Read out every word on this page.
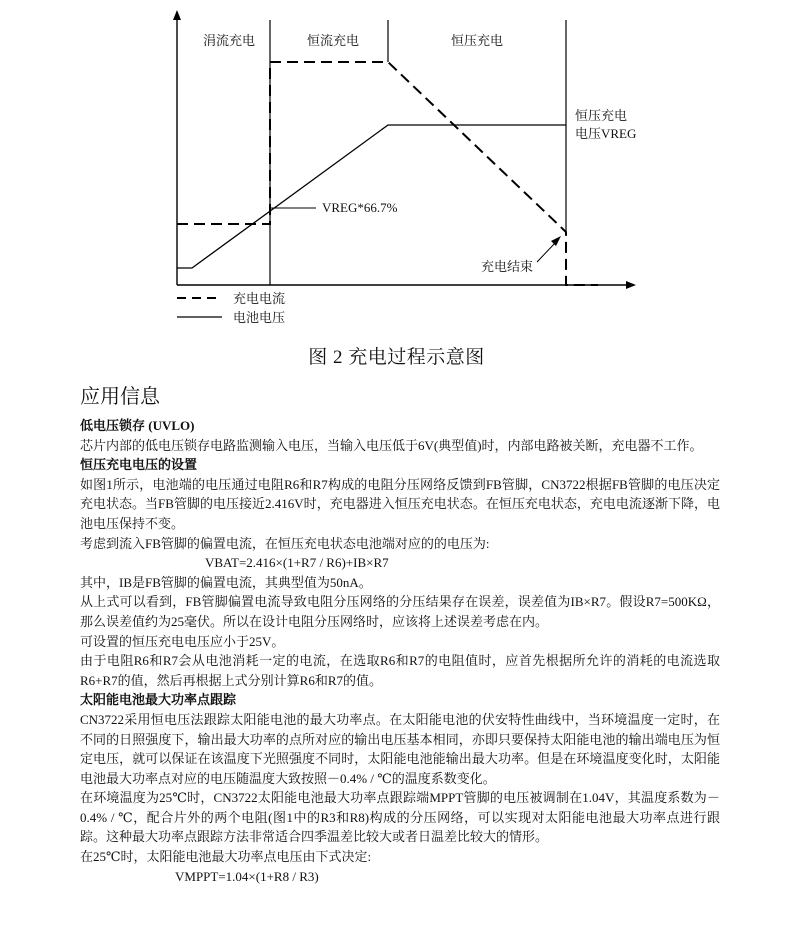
涓流充电	恒流充电	恒压充电
VREG*66.7%
恒压充电
电压VREG
充电结束
充电电流
电池电压
图 2 充电过程示意图
应用信息
低电压锁存 (UVLO)

芯片内部的低电压锁存电路监测输入电压，当输入电压低于6V(典型值)时，内部电路被关断，充电器不工作。

恒压充电电压的设置

如图1所示，电池端的电压通过电阻R6和R7构成的电阻分压网络反馈到FB管脚，CN3722根据FB管脚的电压决定充电状态。当FB管脚的电压接近2.416V时，充电器进入恒压充电状态。在恒压充电状态，充电电流逐渐下降，电池电压保持不变。

考虑到流入FB管脚的偏置电流，在恒压充电状态电池端对应的的电压为:

VBAT=2.416×(1+R7 / R6)+IB×R7

其中，IB是FB管脚的偏置电流，其典型值为50nA。

从上式可以看到，FB管脚偏置电流导致电阻分压网络的分压结果存在误差，误差值为IB×R7。假设R7=500KΩ，那么误差值约为25毫伏。所以在设计电阻分压网络时，应该将上述误差考虑在内。

可设置的恒压充电电压应小于25V。

由于电阻R6和R7会从电池消耗一定的电流，在选取R6和R7的电阻值时，应首先根据所允许的消耗的电流选取R6+R7的值，然后再根据上式分别计算R6和R7的值。

太阳能电池最大功率点跟踪

CN3722采用恒电压法跟踪太阳能电池的最大功率点。在太阳能电池的伏安特性曲线中，当环境温度一定时，在不同的日照强度下，输出最大功率的点所对应的输出电压基本相同，亦即只要保持太阳能电池的输出端电压为恒定电压，就可以保证在该温度下光照强度不同时，太阳能电池能输出最大功率。但是在环境温度变化时，太阳能电池最大功率点对应的电压随温度大致按照－0.4% / ℃的温度系数变化。

在环境温度为25℃时，CN3722太阳能电池最大功率点跟踪端MPPT管脚的电压被调制在1.04V，其温度系数为－0.4% / ℃，配合片外的两个电阻(图1中的R3和R8)构成的分压网络，可以实现对太阳能电池最大功率点进行跟踪。这种最大功率点跟踪方法非常适合四季温差比较大或者日温差比较大的情形。

在25℃时，太阳能电池最大功率点电压由下式决定:

VMPPT=1.04×(1+R8 / R3)
